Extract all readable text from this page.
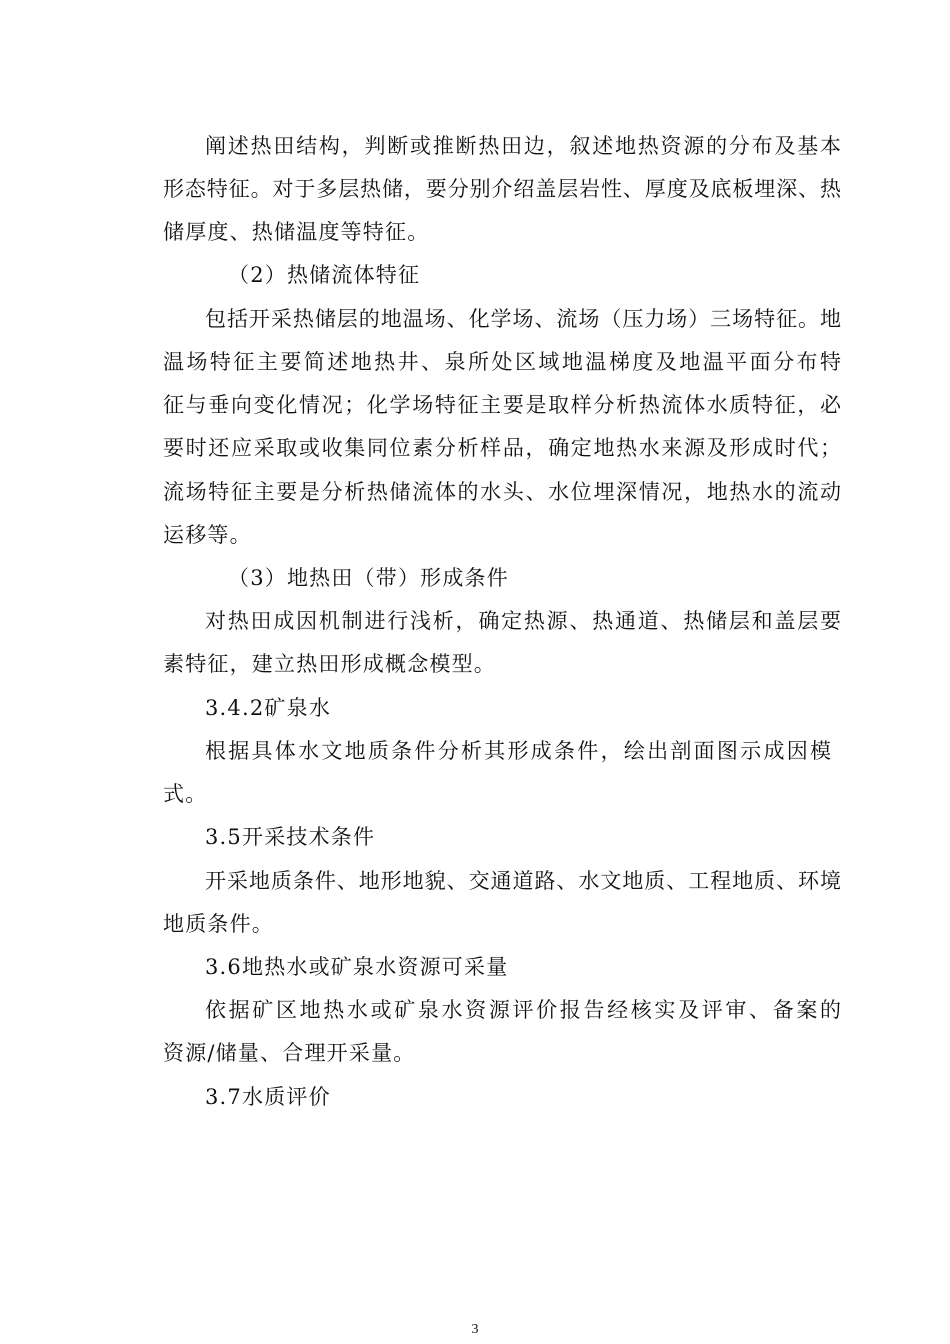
阐述热田结构，判断或推断热田边，叙述地热资源的分布及基本
形态特征。对于多层热储，要分别介绍盖层岩性、厚度及底板埋深、热
储厚度、热储温度等特征。
（2）热储流体特征
包括开采热储层的地温场、化学场、流场（压力场）三场特征。地
温场特征主要简述地热井、泉所处区域地温梯度及地温平面分布特
征与垂向变化情况；化学场特征主要是取样分析热流体水质特征，必
要时还应采取或收集同位素分析样品，确定地热水来源及形成时代；
流场特征主要是分析热储流体的水头、水位埋深情况，地热水的流动
运移等。
（3）地热田（带）形成条件
对热田成因机制进行浅析，确定热源、热通道、热储层和盖层要
素特征，建立热田形成概念模型。
3.4.2矿泉水
根据具体水文地质条件分析其形成条件，绘出剖面图示成因模
式。
3.5开采技术条件
开采地质条件、地形地貌、交通道路、水文地质、工程地质、环境
地质条件。
3.6地热水或矿泉水资源可采量
依据矿区地热水或矿泉水资源评价报告经核实及评审、备案的
资源/储量、合理开采量。
3.7水质评价
3
